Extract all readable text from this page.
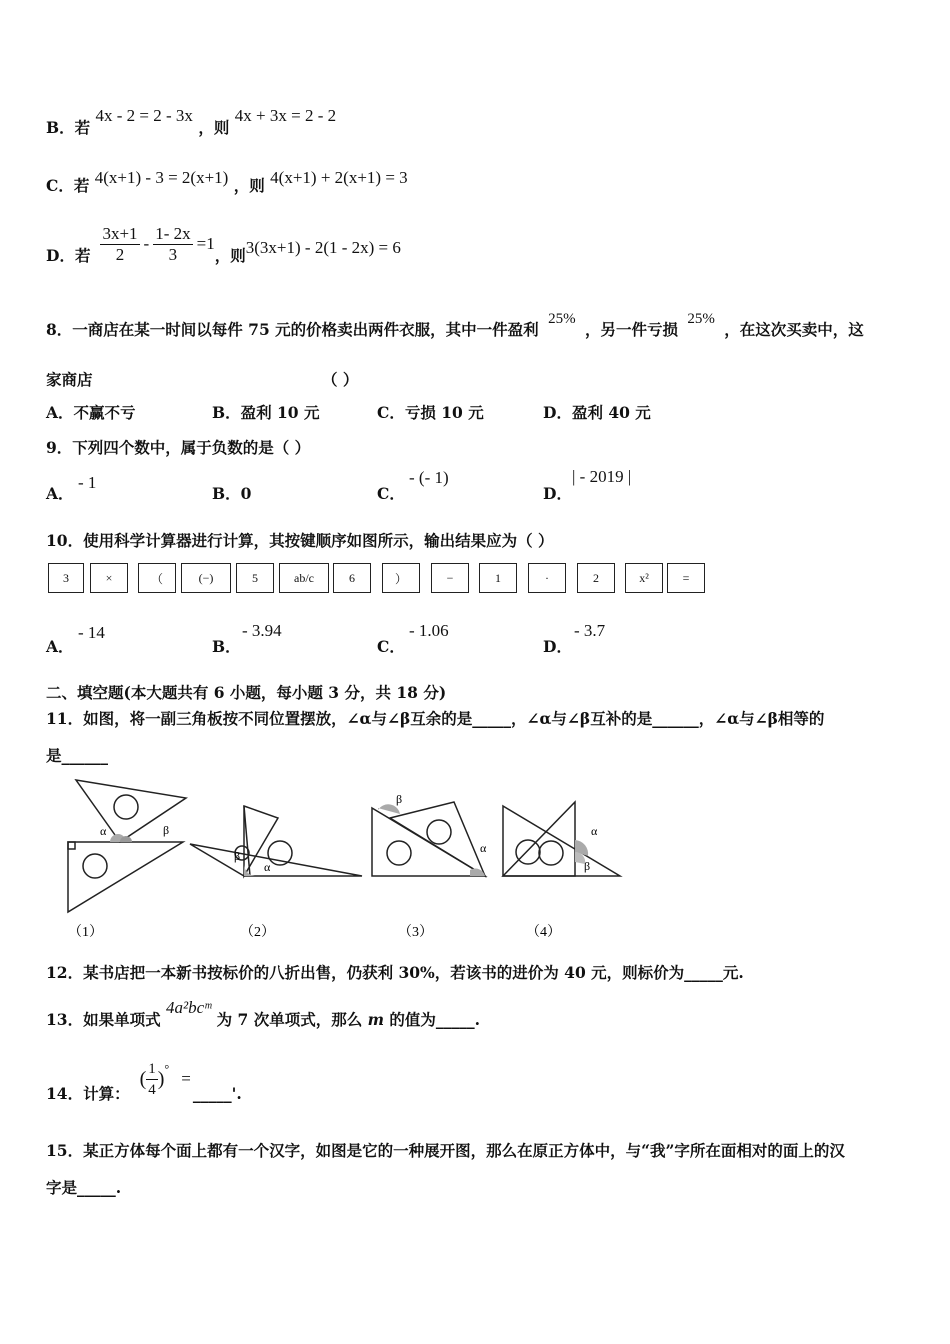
B．若 4x - 2 = 2 - 3x ，则 4x + 3x = 2 - 2
C．若 4(x+1) - 3 = 2(x+1) ，则 4(x+1) + 2(x+1) = 3
D．若 $\frac{3x+1}{2} - \frac{1- 2x}{3} =1$
，则 3(3x+1) - 2(1 - 2x) = 6
8．一商店在某一时间以每件 75 元的价格卖出两件衣服，其中一件盈利 25% ，另一件亏损 25% ，在这次买卖中，这
家商店	（ ）
A．不赢不亏	B．盈利 10 元	C．亏损 10 元	D．盈利 40 元
9．下列四个数中，属于负数的是（ ）
A．
- 1
B．0	C．
- (- 1)
D．
| - 2019 |
10．使用科学计算器进行计算，其按键顺序如图所示，输出结果应为（ ）
3	×	（	(−)	5	ab/c	6	）	−	1	·	2	x²	=
A．
- 14
B．
- 3.94
C．
- 1.06
D．
- 3.7
二、填空题(本大题共有 6 小题，每小题 3 分，共 18 分)
11．如图，将一副三角板按不同位置摆放，∠α与∠β互余的是_____，∠α与∠β互补的是______，∠α与∠β相等的
是______
α	β
β
α
β
α
α
β
（1）	（2）	（3）	（4）
12．某书店把一本新书按标价的八折出售，仍获利 30%，若该书的进价为 40 元，则标价为_____元.
13．如果单项式 4a²bcᵐ 为 7 次单项式，那么 m 的值为_____.
14．计算：
( $\frac{1}{4}$ ) °
=
_____ '.
15．某正方体每个面上都有一个汉字，如图是它的一种展开图，那么在原正方体中，与“我”字所在面相对的面上的汉
字是_____.
